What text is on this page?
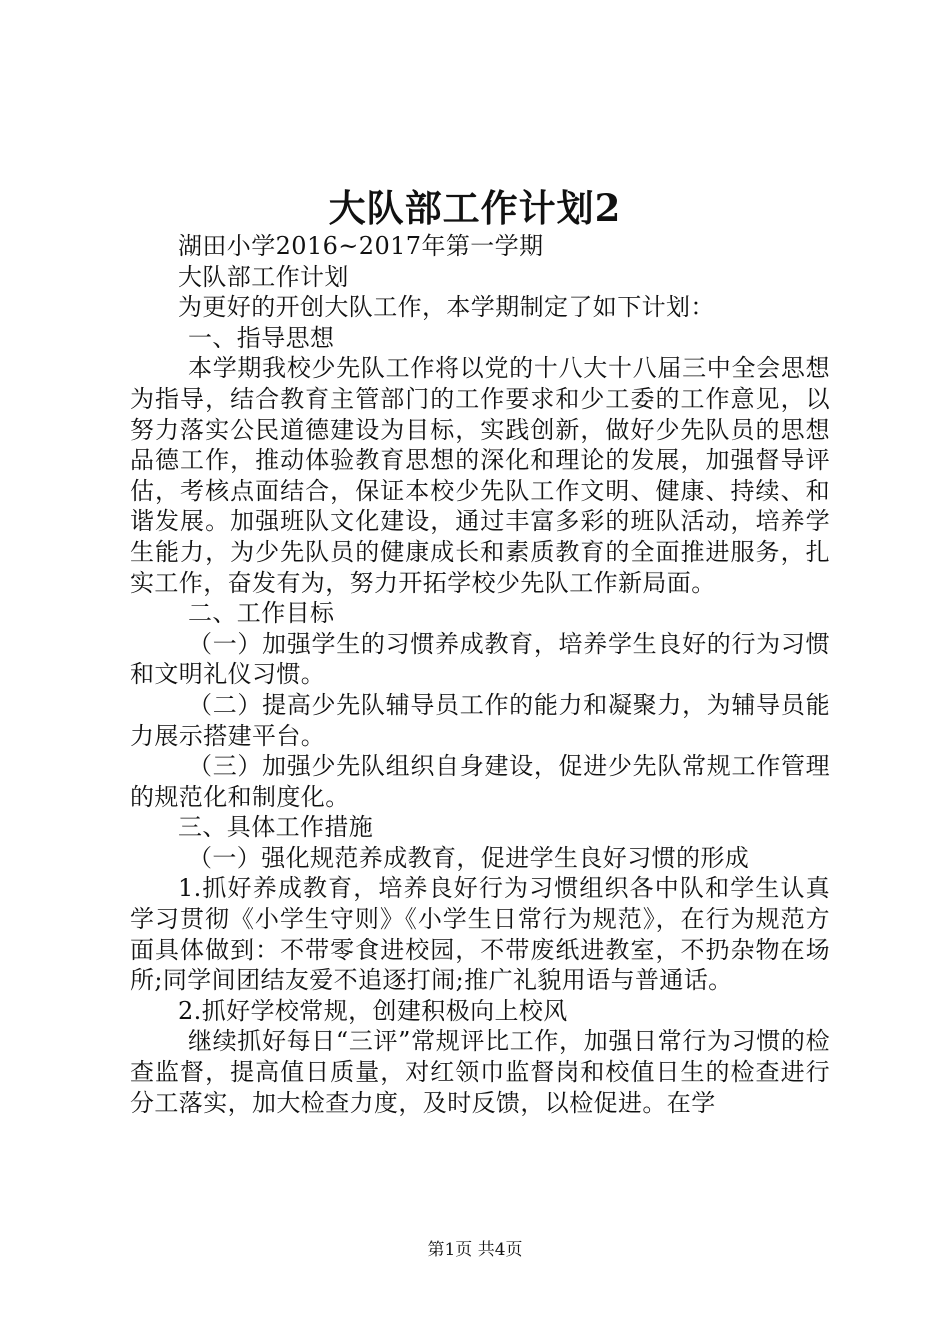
大队部工作计划2

湖田小学2016~2017年第一学期

大队部工作计划

为更好的开创大队工作，本学期制定了如下计划：

一、指导思想

本学期我校少先队工作将以党的十八大十八届三中全会思想为指导，结合教育主管部门的工作要求和少工委的工作意见，以努力落实公民道德建设为目标，实践创新，做好少先队员的思想品德工作，推动体验教育思想的深化和理论的发展，加强督导评估，考核点面结合，保证本校少先队工作文明、健康、持续、和谐发展。加强班队文化建设，通过丰富多彩的班队活动，培养学生能力，为少先队员的健康成长和素质教育的全面推进服务，扎实工作，奋发有为，努力开拓学校少先队工作新局面。

二、工作目标

（一）加强学生的习惯养成教育，培养学生良好的行为习惯和文明礼仪习惯。

（二）提高少先队辅导员工作的能力和凝聚力，为辅导员能力展示搭建平台。

（三）加强少先队组织自身建设，促进少先队常规工作管理的规范化和制度化。

三、具体工作措施

（一）强化规范养成教育，促进学生良好习惯的形成

1.抓好养成教育，培养良好行为习惯组织各中队和学生认真学习贯彻《小学生守则》《小学生日常行为规范》，在行为规范方面具体做到：不带零食进校园，不带废纸进教室，不扔杂物在场所;同学间团结友爱不追逐打闹;推广礼貌用语与普通话。

2.抓好学校常规，创建积极向上校风

继续抓好每日“三评”常规评比工作，加强日常行为习惯的检查监督，提高值日质量，对红领巾监督岗和校值日生的检查进行分工落实，加大检查力度，及时反馈，以检促进。在学

第1页 共4页
